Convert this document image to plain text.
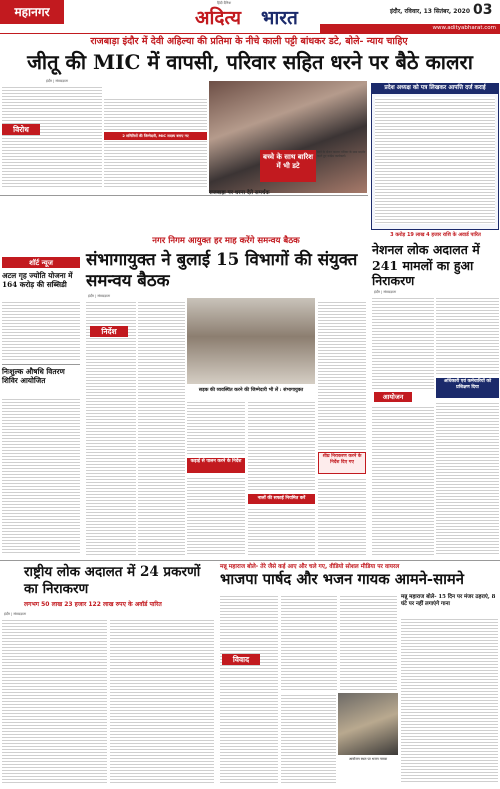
महानगर
हिंदी दैनिक
अदित्य भारत	इंदौर, रविवार, 13 सितंबर, 2020 03
www.adityabharat.com
राजबाड़ा इंदौर में देवी अहिल्या की प्रतिमा के नीचे काली पट्टी बांधकर डटे, बोले- न्याय चाहिए
जीतू की MIC में वापसी, परिवार सहित धरने पर बैठे कालरा
इंदौर | संवाददाता
विरोध
2 समितियों की जिम्मेदारी, MIC सदस्य बनाए गए
बच्चे के साथ बारिश में भी डटे
धरने के दौरान कालरा परिवार के साथ प्रदर्शन करते हुए कांग्रेस कार्यकर्ता।
राजबाड़ा पर धरना देते समर्थक
प्रदेश अध्यक्ष को पत्र लिखकर आपत्ति दर्ज कराई
शॉर्ट न्यूज
अटल गृह ज्योति योजना में 164 करोड़ की सब्सिडी
निःशुल्क औषधि वितरण शिविर आयोजित
नगर निगम आयुक्त हर माह करेंगे समन्वय बैठक
संभागायुक्त ने बुलाई 15 विभागों की संयुक्त समन्वय बैठक
इंदौर | संवाददाता
निर्देश
सड़क की व्यवस्थित करने की जिम्मेदारी भी लें : संभागायुक्त
कड़ाई से पालन करने के निर्देश
नालों की सफाई नियमित करें
शीघ्र निराकरण करने के निर्देश दिए गए
3 करोड़ 19 लाख 4 हजार राशि के अवार्ड पारित
नेशनल लोक अदालत में 241 मामलों का हुआ निराकरण
इंदौर | संवाददाता
अधिकारी एवं कर्मचारियों को प्रशिक्षण दिया
आयोजन
राष्ट्रीय लोक अदालत में 24 प्रकरणों का निराकरण
लगभग 50 लाख 23 हजार 122 लाख रुपए के अवॉर्ड पारित
इंदौर | संवाददाता
मन्नू महाराज बोले- तेरे जैसे कई आए और चले गए, वीडियो सोशल मीडिया पर वायरल
भाजपा पार्षद और भजन गायक आमने-सामने
विवाद
आयोजन स्थल पर भजन गायक
मन्नू महाराज बोले- 15 दिन पर मंजर ठहराएं, 8 घंटे पर नहीं लगाएंगे गाना
